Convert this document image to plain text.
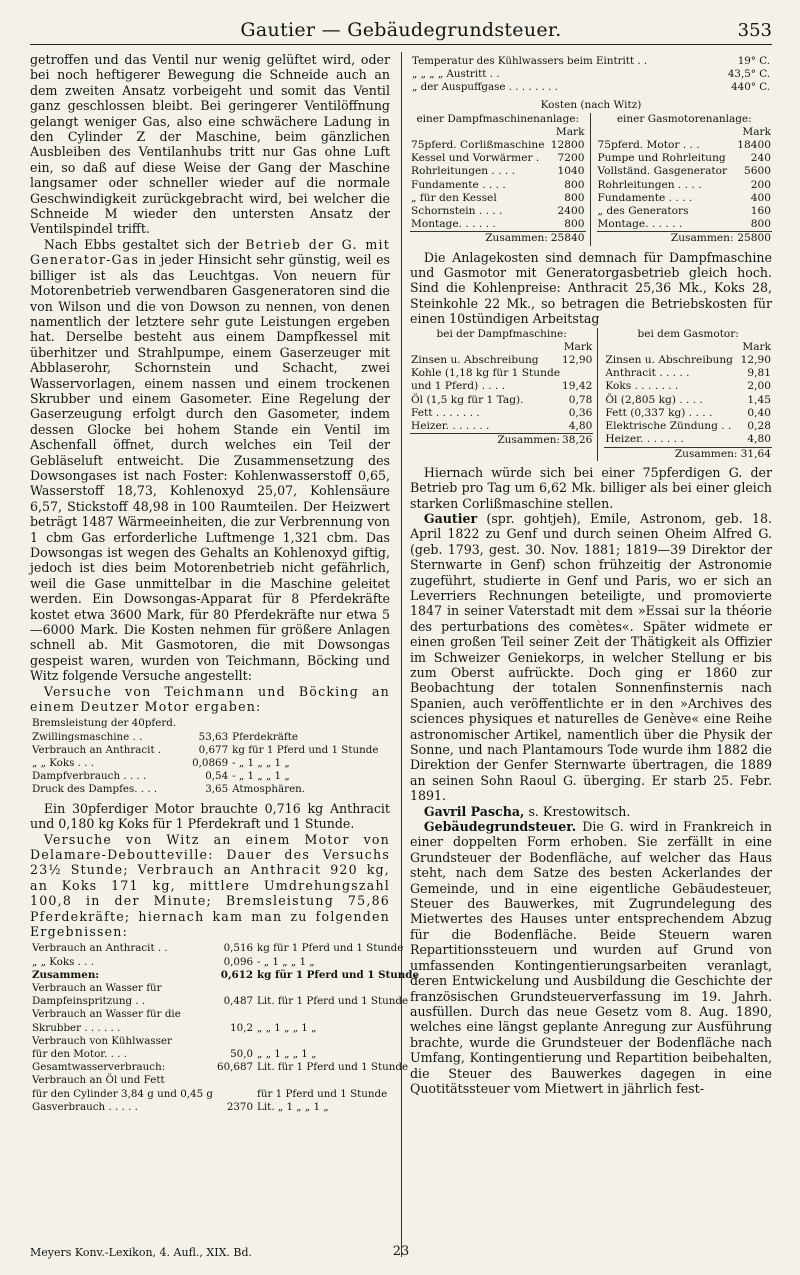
Gautier — Gebäudegrundsteuer.	353

getroffen und das Ventil nur wenig gelüftet wird, oder bei noch heftigerer Bewegung die Schneide auch an dem zweiten Ansatz vorbeigeht und somit das Ventil ganz geschlossen bleibt. Bei geringerer Ventilöffnung gelangt weniger Gas, also eine schwächere Ladung in den Cylinder Z der Maschine, beim gänzlichen Ausbleiben des Ventilanhubs tritt nur Gas ohne Luft ein, so daß auf diese Weise der Gang der Maschine langsamer oder schneller wieder auf die normale Geschwindigkeit zurückgebracht wird, bei welcher die Schneide M wieder den untersten Ansatz der Ventilspindel trifft.

Nach Ebbs gestaltet sich der Betrieb der G. mit Generator-Gas in jeder Hinsicht sehr günstig, weil es billiger ist als das Leuchtgas. Von neuern für Motorenbetrieb verwendbaren Gasgeneratoren sind die von Wilson und die von Dowson zu nennen, von denen namentlich der letztere sehr gute Leistungen ergeben hat. Derselbe besteht aus einem Dampfkessel mit überhitzer und Strahlpumpe, einem Gaserzeuger mit Abblaserohr, Schornstein und Schacht, zwei Wasservorlagen, einem nassen und einem trockenen Skrubber und einem Gasometer. Eine Regelung der Gaserzeugung erfolgt durch den Gasometer, indem dessen Glocke bei hohem Stande ein Ventil im Aschenfall öffnet, durch welches ein Teil der Gebläseluft entweicht. Die Zusammensetzung des Dowsongases ist nach Foster: Kohlenwasserstoff 0,65, Wasserstoff 18,73, Kohlenoxyd 25,07, Kohlensäure 6,57, Stickstoff 48,98 in 100 Raumteilen. Der Heizwert beträgt 1487 Wärmeeinheiten, die zur Verbrennung von 1 cbm Gas erforderliche Luftmenge 1,321 cbm. Das Dowsongas ist wegen des Gehalts an Kohlenoxyd giftig, jedoch ist dies beim Motorenbetrieb nicht gefährlich, weil die Gase unmittelbar in die Maschine geleitet werden. Ein Dowsongas-Apparat für 8 Pferdekräfte kostet etwa 3600 Mark, für 80 Pferdekräfte nur etwa 5—6000 Mark. Die Kosten nehmen für größere Anlagen schnell ab. Mit Gasmotoren, die mit Dowsongas gespeist waren, wurden von Teichmann, Böcking und Witz folgende Versuche angestellt:

Versuche von Teichmann und Böcking an einem Deutzer Motor ergaben:

Bremsleistung der 40pferd.		
Zwillingsmaschine . .	53,63	Pferdekräfte
Verbrauch an Anthracit .	0,677	kg für 1 Pferd und 1 Stunde
„ „ Koks . . .	0,0869	- „ 1 „ „ 1 „
Dampfverbrauch . . . .	0,54	- „ 1 „ „ 1 „
Druck des Dampfes. . . .	3,65	Atmosphären.

Ein 30pferdiger Motor brauchte 0,716 kg Anthracit und 0,180 kg Koks für 1 Pferdekraft und 1 Stunde.

Versuche von Witz an einem Motor von Delamare-Deboutteville: Dauer des Versuchs 23½ Stunde; Verbrauch an Anthracit 920 kg, an Koks 171 kg, mittlere Umdrehungszahl 100,8 in der Minute; Bremsleistung 75,86 Pferdekräfte; hiernach kam man zu folgenden Ergebnissen:

Verbrauch an Anthracit . .	0,516	kg für 1 Pferd und 1 Stunde
„ „ Koks . . .	0,096	- „ 1 „ „ 1 „
Zusammen:	0,612	kg für 1 Pferd und 1 Stunde
Verbrauch an Wasser für		
Dampfeinspritzung . .	0,487	Lit. für 1 Pferd und 1 Stunde
Verbrauch an Wasser für die		
Skrubber . . . . . .	10,2	„ „ 1 „ „ 1 „
Verbrauch von Kühlwasser		
für den Motor. . . .	50,0	„ „ 1 „ „ 1 „
Gesamtwasserverbrauch:	60,687	Lit. für 1 Pferd und 1 Stunde
Verbrauch an Öl und Fett		
für den Cylinder 3,84 g und 0,45 g		für 1 Pferd und 1 Stunde
Gasverbrauch . . . . .	2370	Lit. „ 1 „ „ 1 „
Temperatur des Kühlwassers beim Eintritt . .	19° C.
„ „ „ „ Austritt . .	43,5° C.
„ der Auspuffgase . . . . . . . .	440° C.
Kosten (nach Witz)
einer Dampfmaschinenanlage:
	Mark
75pferd. Corlißmaschine	12800
Kessel und Vorwärmer .	7200
Rohrleitungen . . . .	1040
Fundamente . . . .	800
„ für den Kessel	800
Schornstein . . . .	2400
Montage. . . . . .	800
Zusammen:	25840
einer Gasmotorenanlage:
	Mark
75pferd. Motor . . .	18400
Pumpe und Rohrleitung	240
Vollständ. Gasgenerator	5600
Rohrleitungen . . . .	200
Fundamente . . . .	400
„ des Generators	160
Montage. . . . . .	800
Zusammen:	25800

Die Anlagekosten sind demnach für Dampfmaschine und Gasmotor mit Generatorgasbetrieb gleich hoch. Sind die Kohlenpreise: Anthracit 25,36 Mk., Koks 28, Steinkohle 22 Mk., so betragen die Betriebskosten für einen 10stündigen Arbeitstag

bei der Dampfmaschine:
	Mark
Zinsen u. Abschreibung	12,90
Kohle (1,18 kg für 1 Stunde	
und 1 Pferd) . . . .	19,42
Öl (1,5 kg für 1 Tag).	0,78
Fett . . . . . . .	0,36
Heizer. . . . . . .	4,80
Zusammen:	38,26
bei dem Gasmotor:
	Mark
Zinsen u. Abschreibung	12,90
Anthracit . . . . .	9,81
Koks . . . . . . .	2,00
Öl (2,805 kg) . . . .	1,45
Fett (0,337 kg) . . . .	0,40
Elektrische Zündung . .	0,28
Heizer. . . . . . .	4,80
Zusammen:	31,64

Hiernach würde sich bei einer 75pferdigen G. der Betrieb pro Tag um 6,62 Mk. billiger als bei einer gleich starken Corlißmaschine stellen.

Gautier (spr. gohtjeh), Emile, Astronom, geb. 18. April 1822 zu Genf und durch seinen Oheim Alfred G. (geb. 1793, gest. 30. Nov. 1881; 1819—39 Direktor der Sternwarte in Genf) schon frühzeitig der Astronomie zugeführt, studierte in Genf und Paris, wo er sich an Leverriers Rechnungen beteiligte, und promovierte 1847 in seiner Vaterstadt mit dem »Essai sur la théorie des perturbations des comètes«. Später widmete er einen großen Teil seiner Zeit der Thätigkeit als Offizier im Schweizer Geniekorps, in welcher Stellung er bis zum Oberst aufrückte. Doch ging er 1860 zur Beobachtung der totalen Sonnenfinsternis nach Spanien, auch veröffentlichte er in den »Archives des sciences physiques et naturelles de Genève« eine Reihe astronomischer Artikel, namentlich über die Physik der Sonne, und nach Plantamours Tode wurde ihm 1882 die Direktion der Genfer Sternwarte übertragen, die 1889 an seinen Sohn Raoul G. überging. Er starb 25. Febr. 1891.

Gavril Pascha, s. Krestowitsch.

Gebäudegrundsteuer. Die G. wird in Frankreich in einer doppelten Form erhoben. Sie zerfällt in eine Grundsteuer der Bodenfläche, auf welcher das Haus steht, nach dem Satze des besten Ackerlandes der Gemeinde, und in eine eigentliche Gebäudesteuer, Steuer des Bauwerkes, mit Zugrundelegung des Mietwertes des Hauses unter entsprechendem Abzug für die Bodenfläche. Beide Steuern waren Repartitionssteuern und wurden auf Grund von umfassenden Kontingentierungsarbeiten veranlagt, deren Entwickelung und Ausbildung die Geschichte der französischen Grundsteuerverfassung im 19. Jahrh. ausfüllen. Durch das neue Gesetz vom 8. Aug. 1890, welches eine längst geplante Anregung zur Ausführung brachte, wurde die Grundsteuer der Bodenfläche nach Umfang, Kontingentierung und Repartition beibehalten, die Steuer des Bauwerkes dagegen in eine Quotitätssteuer vom Mietwert in jährlich fest-

Meyers Konv.-Lexikon, 4. Aufl., XIX. Bd.	23
